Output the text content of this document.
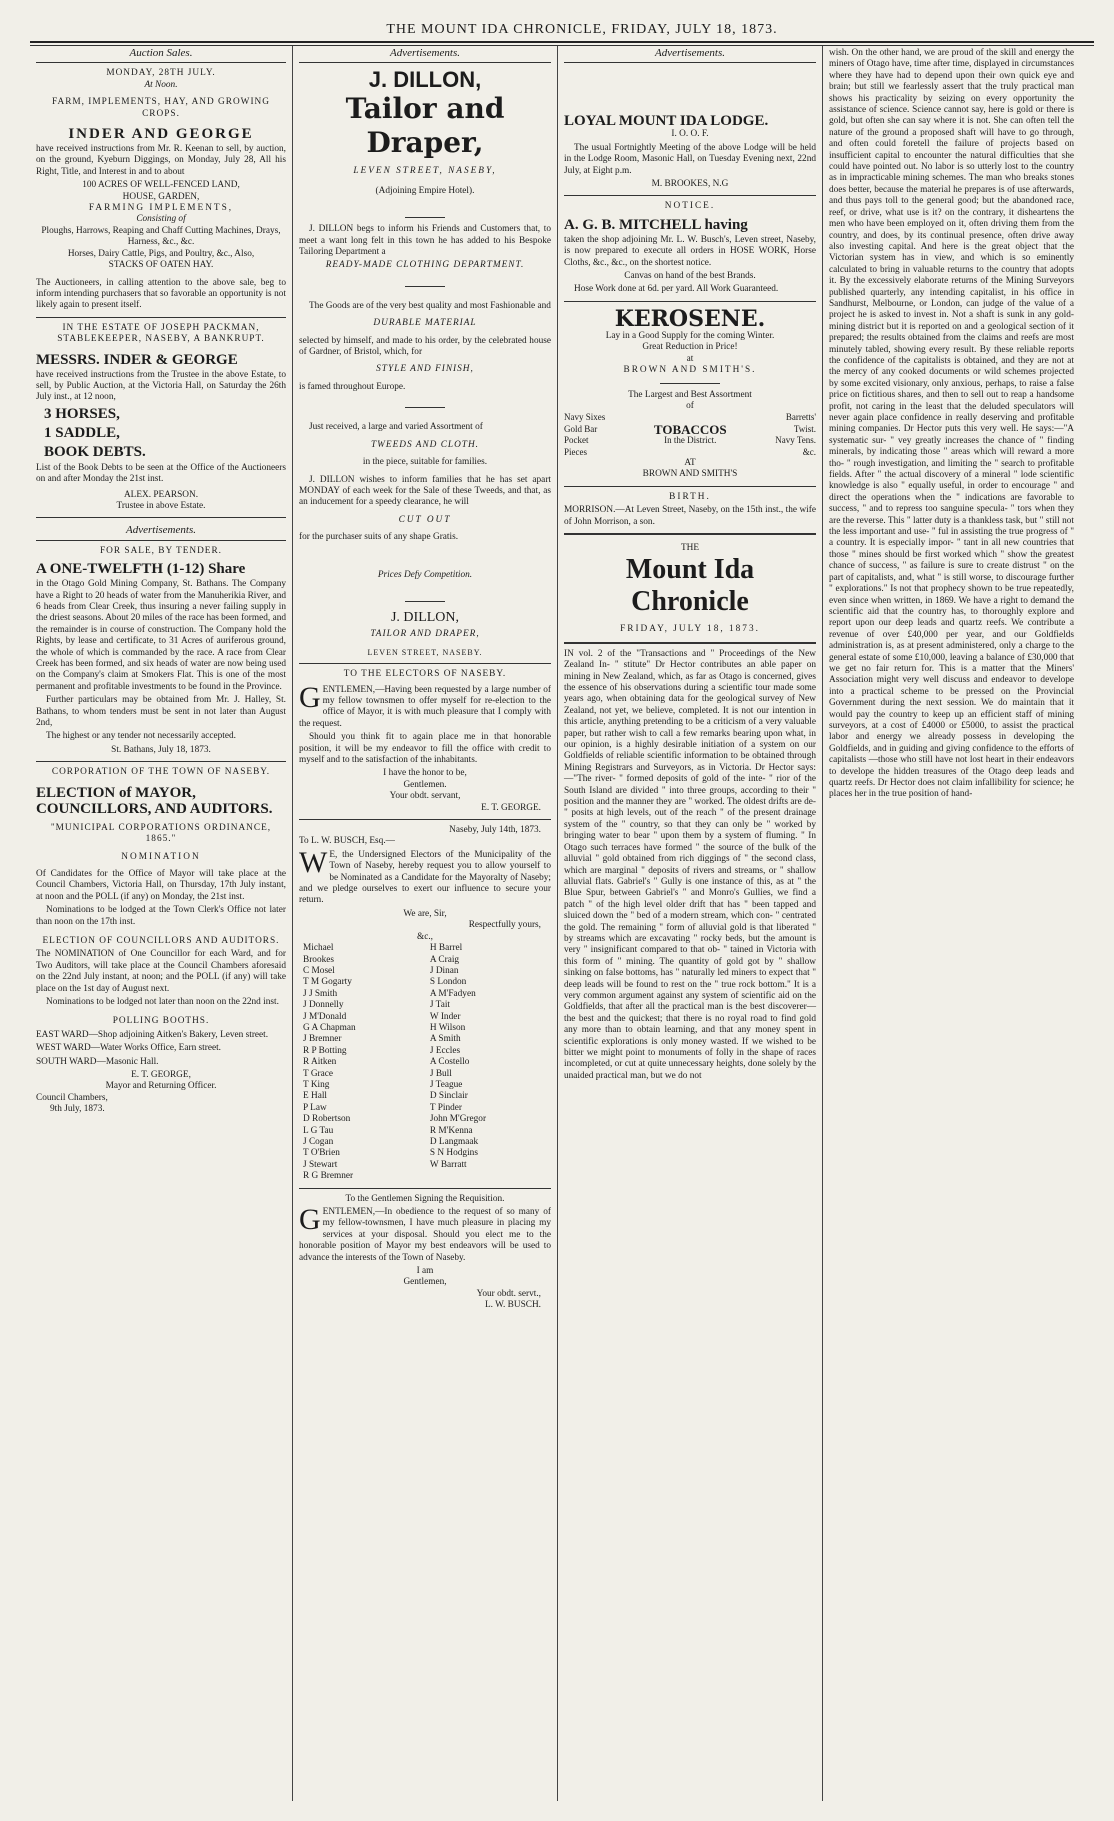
THE MOUNT IDA CHRONICLE, FRIDAY, JULY 18, 1873.
Auction Sales.
MONDAY, 28TH JULY.
At Noon.
FARM, IMPLEMENTS, HAY, AND GROWING CROPS.
INDER AND GEORGE

have received instructions from Mr. R. Keenan to sell, by auction, on the ground, Kyeburn Diggings, on Monday, July 28, All his Right, Title, and Interest in and to about

100 ACRES OF WELL-FENCED LAND,
HOUSE, GARDEN,
FARMING IMPLEMENTS,
Consisting of
Ploughs, Harrows, Reaping and Chaff Cutting Machines, Drays, Harness, &c., &c.
Horses, Dairy Cattle, Pigs, and Poultry, &c., Also,
STACKS OF OATEN HAY.

The Auctioneers, in calling attention to the above sale, beg to inform intending purchasers that so favorable an opportunity is not likely again to present itself.

IN THE ESTATE OF JOSEPH PACKMAN, STABLEKEEPER, NASEBY, A BANKRUPT.
MESSRS. INDER & GEORGE

have received instructions from the Trustee in the above Estate, to sell, by Public Auction, at the Victoria Hall, on Saturday the 26th July inst., at 12 noon,

3 HORSES,
1 SADDLE,
BOOK DEBTS.

List of the Book Debts to be seen at the Office of the Auctioneers on and after Monday the 21st inst.

ALEX. PEARSON.
Trustee in above Estate.
Advertisements.
FOR SALE, BY TENDER.
A ONE-TWELFTH (1-12) Share

in the Otago Gold Mining Company, St. Bathans. The Company have a Right to 20 heads of water from the Manuherikia River, and 6 heads from Clear Creek, thus insuring a never failing supply in the driest seasons. About 20 miles of the race has been formed, and the remainder is in course of construction. The Company hold the Rights, by lease and certificate, to 31 Acres of auriferous ground, the whole of which is commanded by the race. A race from Clear Creek has been formed, and six heads of water are now being used on the Company's claim at Smokers Flat. This is one of the most permanent and profitable investments to be found in the Province.

Further particulars may be obtained from Mr. J. Halley, St. Bathans, to whom tenders must be sent in not later than August 2nd,

The highest or any tender not necessarily accepted.

St. Bathans, July 18, 1873.
CORPORATION OF THE TOWN OF NASEBY.
ELECTION of MAYOR, COUNCILLORS, AND AUDITORS.
"MUNICIPAL CORPORATIONS ORDINANCE, 1865."
NOMINATION

Of Candidates for the Office of Mayor will take place at the Council Chambers, Victoria Hall, on Thursday, 17th July instant, at noon and the POLL (if any) on Monday, the 21st inst.

Nominations to be lodged at the Town Clerk's Office not later than noon on the 17th inst.

ELECTION OF COUNCILLORS AND AUDITORS.

The NOMINATION of One Councillor for each Ward, and for Two Auditors, will take place at the Council Chambers aforesaid on the 22nd July instant, at noon; and the POLL (if any) will take place on the 1st day of August next.

Nominations to be lodged not later than noon on the 22nd inst.

POLLING BOOTHS.

EAST WARD—Shop adjoining Aitken's Bakery, Leven street.

WEST WARD—Water Works Office, Earn street.

SOUTH WARD—Masonic Hall.

E. T. GEORGE,
Mayor and Returning Officer.
Council Chambers,
9th July, 1873.
Advertisements.
J. DILLON,
Tailor and Draper,
LEVEN STREET, NASEBY,
(Adjoining Empire Hotel).

J. DILLON begs to inform his Friends and Customers that, to meet a want long felt in this town he has added to his Bespoke Tailoring Department a

READY-MADE CLOTHING DEPARTMENT.

The Goods are of the very best quality and most Fashionable and

DURABLE MATERIAL

selected by himself, and made to his order, by the celebrated house of Gardner, of Bristol, which, for

STYLE AND FINISH,

is famed throughout Europe.

Just received, a large and varied Assortment of

TWEEDS AND CLOTH.

in the piece, suitable for families.

J. DILLON wishes to inform families that he has set apart MONDAY of each week for the Sale of these Tweeds, and that, as an inducement for a speedy clearance, he will

CUT OUT

for the purchaser suits of any shape Gratis.

Prices Defy Competition.
J. DILLON,
TAILOR AND DRAPER,
LEVEN STREET, NASEBY.
TO THE ELECTORS OF NASEBY.

GENTLEMEN,—Having been requested by a large number of my fellow townsmen to offer myself for re-election to the office of Mayor, it is with much pleasure that I comply with the request.

Should you think fit to again place me in that honorable position, it will be my endeavor to fill the office with credit to myself and to the satisfaction of the inhabitants.

I have the honor to be,
Gentlemen.
Your obdt. servant,
E. T. GEORGE.
Naseby, July 14th, 1873.
To L. W. BUSCH, Esq.—

WE, the Undersigned Electors of the Municipality of the Town of Naseby, hereby request you to allow yourself to be Nominated as a Candidate for the Mayoralty of Naseby; and we pledge ourselves to exert our influence to secure your return.

We are, Sir,
Respectfully yours,
&c.,
Michael Brookes
C Mosel
T M Gogarty
J J Smith
J Donnelly
J M'Donald
G A Chapman
J Bremner
R P Botting
R Aitken
T Grace
T King
E Hall
P Law
D Robertson
L G Tau
J Cogan
T O'Brien
J Stewart
R G Bremner
H Barrel
A Craig
J Dinan
S London
A M'Fadyen
J Tait
W Inder
H Wilson
A Smith
J Eccles
A Costello
J Bull
J Teague
D Sinclair
T Pinder
John M'Gregor
R M'Kenna
D Langmaak
S N Hodgins
W Barratt
To the Gentlemen Signing the Requisition.

GENTLEMEN,—In obedience to the request of so many of my fellow-townsmen, I have much pleasure in placing my services at your disposal. Should you elect me to the honorable position of Mayor my best endeavors will be used to advance the interests of the Town of Naseby.

I am
Gentlemen,
Your obdt. servt.,
L. W. BUSCH.
Advertisements.
LOYAL MOUNT IDA LODGE.
I. O. O. F.

The usual Fortnightly Meeting of the above Lodge will be held in the Lodge Room, Masonic Hall, on Tuesday Evening next, 22nd July, at Eight p.m.

M. BROOKES, N.G
NOTICE.
A. G. B. MITCHELL having

taken the shop adjoining Mr. L. W. Busch's, Leven street, Naseby, is now prepared to execute all orders in HOSE WORK, Horse Cloths, &c., &c., on the shortest notice.

Canvas on hand of the best Brands.

Hose Work done at 6d. per yard. All Work Guaranteed.

KEROSENE.
Lay in a Good Supply for the coming Winter.
Great Reduction in Price!
at
BROWN AND SMITH'S.
The Largest and Best Assortment
of
Navy Sixes
Gold Bar
Pocket
Pieces
TOBACCOS
In the District.
Barretts'
Twist.
Navy Tens.
&c.
AT
BROWN AND SMITH'S
BIRTH.

MORRISON.—At Leven Street, Naseby, on the 15th inst., the wife of John Morrison, a son.

THE
Mount Ida Chronicle
FRIDAY, JULY 18, 1873.

IN vol. 2 of the "Transactions and " Proceedings of the New Zealand In- " stitute" Dr Hector contributes an able paper on mining in New Zealand, which, as far as Otago is concerned, gives the essence of his observations during a scientific tour made some years ago, when obtaining data for the geological survey of New Zealand, not yet, we believe, completed. It is not our intention in this article, anything pretending to be a criticism of a very valuable paper, but rather wish to call a few remarks bearing upon what, in our opinion, is a highly desirable initiation of a system on our Goldfields of reliable scientific information to be obtained through Mining Registrars and Surveyors, as in Victoria. Dr Hector says:—"The river- " formed deposits of gold of the inte- " rior of the South Island are divided " into three groups, according to their " position and the manner they are " worked. The oldest drifts are de- " posits at high levels, out of the reach " of the present drainage system of the " country, so that they can only be " worked by bringing water to bear " upon them by a system of fluming. " In Otago such terraces have formed " the source of the bulk of the alluvial " gold obtained from rich diggings of " the second class, which are marginal " deposits of rivers and streams, or " shallow alluvial flats. Gabriel's " Gully is one instance of this, as at " the Blue Spur, between Gabriel's " and Monro's Gullies, we find a patch " of the high level older drift that has " been tapped and sluiced down the " bed of a modern stream, which con- " centrated the gold. The remaining " form of alluvial gold is that liberated " by streams which are excavating " rocky beds, but the amount is very " insignificant compared to that ob- " tained in Victoria with this form of " mining. The quantity of gold got by " shallow sinking on false bottoms, has " naturally led miners to expect that " deep leads will be found to rest on the " true rock bottom." It is a very common argument against any system of scientific aid on the Goldfields, that after all the practical man is the best discoverer—the best and the quickest; that there is no royal road to find gold any more than to obtain learning, and that any money spent in scientific explorations is only money wasted. If we wished to be bitter we might point to monuments of folly in the shape of races incompleted, or cut at quite unnecessary heights, done solely by the unaided practical man, but we do not

wish. On the other hand, we are proud of the skill and energy the miners of Otago have, time after time, displayed in circumstances where they have had to depend upon their own quick eye and brain; but still we fearlessly assert that the truly practical man shows his practicality by seizing on every opportunity the assistance of science. Science cannot say, here is gold or there is gold, but often she can say where it is not. She can often tell the nature of the ground a proposed shaft will have to go through, and often could foretell the failure of projects based on insufficient capital to encounter the natural difficulties that she could have pointed out. No labor is so utterly lost to the country as in impracticable mining schemes. The man who breaks stones does better, because the material he prepares is of use afterwards, and thus pays toll to the general good; but the abandoned race, reef, or drive, what use is it? on the contrary, it disheartens the men who have been employed on it, often driving them from the country, and does, by its continual presence, often drive away also investing capital. And here is the great object that the Victorian system has in view, and which is so eminently calculated to bring in valuable returns to the country that adopts it. By the excessively elaborate returns of the Mining Surveyors published quarterly, any intending capitalist, in his office in Sandhurst, Melbourne, or London, can judge of the value of a project he is asked to invest in. Not a shaft is sunk in any gold-mining district but it is reported on and a geological section of it prepared; the results obtained from the claims and reefs are most minutely tabled, showing every result. By these reliable reports the confidence of the capitalists is obtained, and they are not at the mercy of any cooked documents or wild schemes projected by some excited visionary, only anxious, perhaps, to raise a false price on fictitious shares, and then to sell out to reap a handsome profit, not caring in the least that the deluded speculators will never again place confidence in really deserving and profitable mining companies. Dr Hector puts this very well. He says:—"A systematic sur- " vey greatly increases the chance of " finding minerals, by indicating those " areas which will reward a more tho- " rough investigation, and limiting the " search to profitable fields. After " the actual discovery of a mineral " lode scientific knowledge is also " equally useful, in order to encourage " and direct the operations when the " indications are favorable to success, " and to repress too sanguine specula- " tors when they are the reverse. This " latter duty is a thankless task, but " still not the less important and use- " ful in assisting the true progress of " a country. It is especially impor- " tant in all new countries that those " mines should be first worked which " show the greatest chance of success, " as failure is sure to create distrust " on the part of capitalists, and, what " is still worse, to discourage further " explorations." Is not that prophecy shown to be true repeatedly, even since when written, in 1869. We have a right to demand the scientific aid that the country has, to thoroughly explore and report upon our deep leads and quartz reefs. We contribute a revenue of over £40,000 per year, and our Goldfields administration is, as at present administered, only a charge to the general estate of some £10,000, leaving a balance of £30,000 that we get no fair return for. This is a matter that the Miners' Association might very well discuss and endeavor to develope into a practical scheme to be pressed on the Provincial Government during the next session. We do maintain that it would pay the country to keep up an efficient staff of mining surveyors, at a cost of £4000 or £5000, to assist the practical labor and energy we already possess in developing the Goldfields, and in guiding and giving confidence to the efforts of capitalists —those who still have not lost heart in their endeavors to develope the hidden treasures of the Otago deep leads and quartz reefs. Dr Hector does not claim infallibility for science; he places her in the true position of hand-
